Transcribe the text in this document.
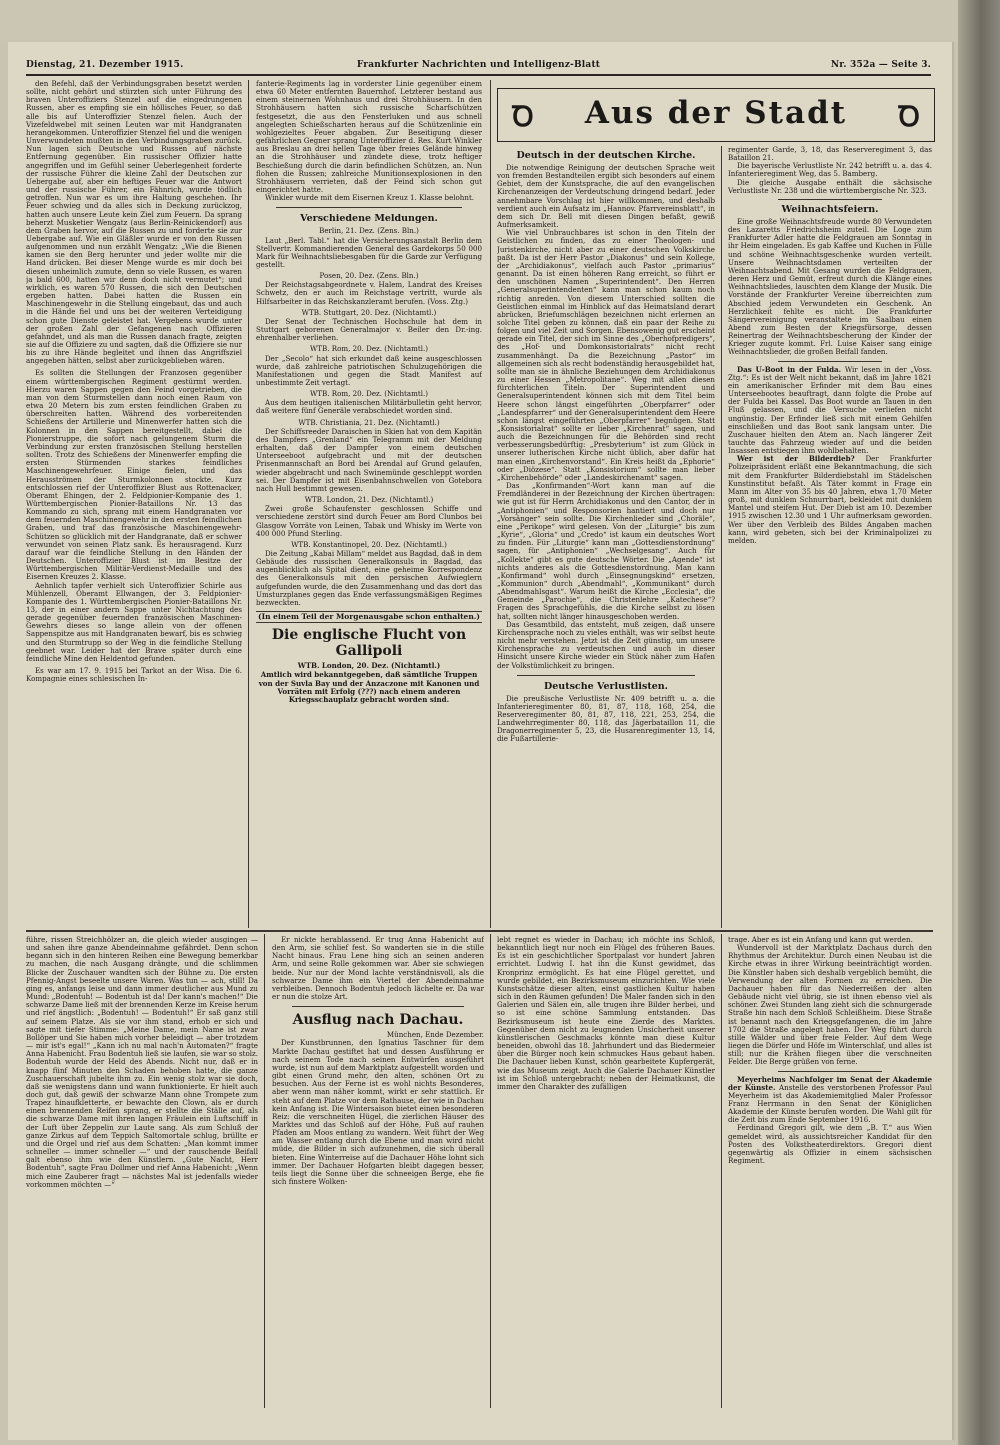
Dienstag, 21. Dezember 1915.	Frankfurter Nachrichten und Intelligenz-Blatt	Nr. 352a — Seite 3.
Ꝺ	Aus der Stadt	Ꝺ

den Befehl, daß der Verbindungsgraben besetzt werden sollte, nicht gehört und stürzten sich unter Führung des braven Unteroffiziers Stenzel auf die eingedrungenen Russen, aber es empfing sie ein höllisches Feuer, so daß alle bis auf Unteroffizier Stenzel fielen. Auch der Vizefeldwebel mit seinen Leuten war mit Handgranaten herangekommen. Unteroffizier Stenzel fiel und die wenigen Unverwundeten mußten in den Verbindungsgraben zurück. Nun lagen sich Deutsche und Russen auf nächste Entfernung gegenüber. Ein russischer Offizier hatte angegriffen und im Gefühl seiner Ueberlegenheit forderte der russische Führer die kleine Zahl der Deutschen zur Uebergabe auf, aber ein heftiges Feuer war die Antwort und der russische Führer, ein Fähnrich, wurde tödlich getroffen. Nun war es um ihre Haltung geschehen. Ihr Feuer schwieg und da alles sich in Deckung zurückzog, hatten auch unsere Leute kein Ziel zum Feuern. Da sprang beherzt Musketier Wengatz (aus Berlin-Reinickendorf) aus dem Graben hervor, auf die Russen zu und forderte sie zur Uebergabe auf. Wie ein Gläßler wurde er von den Russen aufgenommen und nun erzählt Wengatz: „Wie die Bienen kamen sie den Berg herunter und jeder wollte mir die Hand drücken. Bei dieser Menge wurde es mir doch bei diesen unheimlich zumute, denn so viele Russen, es waren ja bald 600, hatten wir denn doch nicht vermutet“; und wirklich, es waren 570 Russen, die sich den Deutschen ergeben hatten. Dabei hatten die Russen ein Maschinengewehr in die Stellung eingebaut, das und auch in die Hände fiel und uns bei der weiteren Verteidigung schon gute Dienste geleistet hat. Vergebens wurde unter der großen Zahl der Gefangenen nach Offizieren gefahndet, und als man die Russen danach fragte, zeigten sie auf die Offiziere zu und sagten, daß die Offiziere sie nur bis zu ihre Hände begleitet und ihnen das Angriffsziel angegeben hätten, selbst aber zurückgeblieben wären.

Es sollten die Stellungen der Franzosen gegenüber einem württembergischen Regiment gestürmt werden. Hierzu waren Sappen gegen den Feind vorgetrieben, die man von dem Sturmstellen dann noch einen Raum von etwa 20 Metern bis zum ersten feindlichen Graben zu überschreiten hatten. Während des vorbereitenden Schießens der Artillerie und Minenwerfer hatten sich die Kolonnen in den Sappen bereitgestellt, dabei die Pionierstruppe, die sofort nach gelungenem Sturm die Verbindung zur ersten französischen Stellung herstellen sollten. Trotz des Schießens der Minenwerfer empfing die ersten Stürmenden starkes feindliches Maschinengewehrfeuer. Einige fielen, und das Herausströmen der Sturmkolonnen stockte. Kurz entschlossen rief der Unteroffizier Blust aus Rottenacker, Oberamt Ehingen, der 2. Feldpionier-Kompanie des 1. Württembergischen Pionier-Bataillons Nr. 13 das Kommando zu sich, sprang mit einem Handgranaten vor dem feuernden Maschinengewehr in den ersten feindlichen Graben, und traf das französische Maschinengewehr-Schützen so glücklich mit der Handgranate, daß er schwer verwundet von seinen Platz sank. Es herausragend. Kurz darauf war die feindliche Stellung in den Händen der Deutschen. Unteroffizier Blust ist im Besitze der Württembergischen Militär-Verdienst-Medaille und des Eisernen Kreuzes 2. Klasse.

Aehnlich tapfer verhielt sich Unteroffizier Schirle aus Mühlenzell, Oberamt Ellwangen, der 3. Feldpionier-Kompanie des 1. Württembergischen Pionier-Bataillons Nr. 13, der in einer andern Sappe unter Nichtachtung des gerade gegenüber feuernden französischen Maschinen-Gewehrs dieses so lange allein von der offenen Sappenspitze aus mit Handgranaten bewarf, bis es schwieg und den Sturmtrupp so der Weg in die feindliche Stellung geebnet war. Leider hat der Brave später durch eine feindliche Mine den Heldentod gefunden.

Es war am 17. 9. 1915 bei Tarkot an der Wisa. Die 6. Kompagnie eines schlesischen In-

fanterie-Regiments lag in vorderster Linie gegenüber einem etwa 60 Meter entfernten Bauernhof. Letzterer bestand aus einem steinernen Wohnhaus und drei Strohhäusern. In den Strohhäusern hatten sich russische Scharfschützen festgesetzt, die aus den Fensterluken und aus schnell angelegten Schießscharten heraus auf die Schützenlinie ein wohlgezieltes Feuer abgaben. Zur Beseitigung dieser gefährlichen Gegner sprang Unteroffizier d. Res. Kurt Winkler aus Breslau an drei hellen Tage über freies Gelände hinweg an die Strohhäuser und zündete diese, trotz heftiger Beschießung durch die darin befindlichen Schützen, an. Nun flohen die Russen; zahlreiche Munitionsexplosionen in den Strohhäusern verrieten, daß der Feind sich schon gut eingerichtet hatte.

Winkler wurde mit dem Eisernen Kreuz 1. Klasse belohnt.

Verschiedene Meldungen.

Berlin, 21. Dez. (Zens. Bln.)

Laut „Berl. Tabl.“ hat die Versicherungsanstalt Berlin dem Stellvertr. Kommandierenden General des Gardekorps 50 000 Mark für Weihnachtsliebesgaben für die Garde zur Verfügung gestellt.

Posen, 20. Dez. (Zens. Bln.)

Der Reichstagsabgeordnete v. Halem, Landrat des Kreises Schwetz, den er auch im Reichstage vertritt, wurde als Hilfsarbeiter in das Reichskanzleramt berufen. (Voss. Ztg.)

WTB. Stuttgart, 20. Dez. (Nichtamtl.)

Der Senat der Technischen Hochschule hat dem in Stuttgart geborenen Generalmajor v. Beiler den Dr.-ing. ehrenhalber verliehen.

WTB. Rom, 20. Dez. (Nichtamtl.)

Der „Secolo“ hat sich erkundet daß keine ausgeschlossen wurde, daß zahlreiche patriotischen Schulzugehörigen die Manifestationen und gegen die Stadt Manifest auf unbestimmte Zeit vertagt.

WTB. Rom, 20. Dez. (Nichtamtl.)

Aus dem heutigen italienischen Militärbulletin geht hervor, daß weitere fünf Generäle verabschiedet worden sind.

WTB. Christiania, 21. Dez. (Nichtamtl.)

Der Schiffsreeder Daraischen in Skien hat von dem Kapitän des Dampfers „Grenland“ ein Telegramm mit der Meldung erhalten, daß der Dampfer von einem deutschen Unterseeboot aufgebracht und mit der deutschen Prisenmannschaft an Bord bei Arendal auf Grund gelaufen, wieder abgebracht und nach Swinemünde geschleppt worden sei. Der Dampfer ist mit Eisenbahnschwellen von Gotebora nach Hull bestimmt gewesen.

WTB. London, 21. Dez. (Nichtamtl.)

Zwei große Schaufenster geschlossen Schiffe und verschiedene zerstört sind durch Feuer am Bord Clunbos bei Glasgow Vorräte von Leinen, Tabak und Whisky im Werte von 400 000 Pfund Sterling.

WTB. Konstantinopel, 20. Dez. (Nichtamtl.)

Die Zeitung „Kabai Millam“ meldet aus Bagdad, daß in dem Gebäude des russischen Generalkonsuls in Bagdad, das augenblicklich als Spital dient, eine geheime Korrespondenz des Generalkonsuls mit den persischen Aufwieglern aufgefunden wurde, die den Zusammenhang und das dort das Umsturzplanes gegen das Ende verfassungsmäßigen Regimes bezweckten.

(In einem Teil der Morgenausgabe schon enthalten.)

Die englische Flucht von Gallipoli

WTB. London, 20. Dez. (Nichtamtl.)

Amtlich wird bekanntgegeben, daß sämtliche Truppen von der Suvla Bay und der Anzaczone mit Kanonen und Vorräten mit Erfolg (???) nach einem anderen Kriegsschauplatz gebracht worden sind.

Deutsch in der deutschen Kirche.

Die notwendige Reinigung der deutschen Sprache weit von fremden Bestandteilen ergibt sich besonders auf einem Gebiet, dem der Kunstsprache, die auf den evangelischen Kirchenanzeigen der Verdeutschung dringend bedarf. Jeder annehmbare Vorschlag ist hier willkommen, und deshalb verdient auch ein Aufsatz im „Hannov. Pfarrvereinsblatt“, in dem sich Dr. Bell mit diesen Dingen befaßt, gewiß Aufmerksamkeit.

Wie viel Unbrauchbares ist schon in den Titeln der Geistlichen zu finden, das zu einer Theologen- und Juristenkirche, nicht aber zu einer deutschen Volkskirche paßt. Da ist der Herr Pastor „Diakonus“ und sein Kollege, der „Archidiakonus“, vielfach auch Pastor „primarius“ genannt. Da ist einen höheren Rang erreicht, so führt er den unschönen Namen „Superintendent“. Den Herren „Generalsuperintendenten“ kann man schon kaum noch richtig anreden. Von diesem Unterschied sollten die Geistlichen einmal im Hinblick auf das Heimatsland derart abrücken, Briefumschlägen bezeichnen nicht erlernen an solche Titel geben zu können, daß ein paar der Reihe zu folgen und viel Zeit und Sorgen. Ebensowenig gut erscheint gerade ein Titel, der sich im Sinne des „Oberhofpredigers“, des „Hof- und Domkonsistorialrats“ nicht recht zusammenhängt. Da die Bezeichnung „Pastor“ im allgemeinen sich als recht bodenständig herausgebildet hat, sollte man sie in ähnliche Beziehungen dem Archidiakonus zu einer Hessen „Metropolitane“. Weg mit allen diesen fürchterlichen Titeln. Der Superintendent und Generalsuperintendent können sich mit dem Titel beim Heere schon längst eingeführten „Oberpfarrer“ oder „Landespfarrer“ und der Generalsuperintendent dem Heere schon längst eingeführten „Oberpfarrer“ begnügen. Statt „Konsistorialrat“ sollte er lieber „Kirchenrat“ sagen, und auch die Bezeichnungen für die Behörden sind recht verbesserungsbedürftig: „Presbyterium“ ist zum Glück in unserer lutherischen Kirche nicht üblich, aber dafür hat man einen „Kirchenvorstand“. Ein Kreis heißt da „Ephorie“ oder „Diözese“. Statt „Konsistorium“ sollte man lieber „Kirchenbehörde“ oder „Landeskirchenamt“ sagen.

Das „Konfirmanden“-Wort kann man auf die Fremdländerei in der Bezeichnung der Kirchen übertragen: wie gut ist für Herrn Archidiakonus und den Cantor, der in „Antiphonien“ und Responsorien hantiert und doch nur „Vorsänger“ sein sollte. Die Kirchenlieder sind „Choräle“, eine „Perikope“ wird gelesen. Von der „Liturgie“ bis zum „Kyrie“, „Gloria“ und „Credo“ ist kaum ein deutsches Wort zu finden. Für „Liturgie“ kann man „Gottesdienstordnung“ sagen, für „Antiphonien“ „Wechselgesang“. Auch für „Kollekte“ gibt es gute deutsche Wörter. Die „Agende“ ist nichts anderes als die Gottesdienstordnung. Man kann „Konfirmand“ wohl durch „Einsegnungskind“ ersetzen, „Kommunion“ durch „Abendmahl“, „Kommunikant“ durch „Abendmahlsgast“. Warum heißt die Kirche „Ecclesia“, die Gemeinde „Parochie“, die Christenlehre „Katechese“? Fragen des Sprachgefühls, die die Kirche selbst zu lösen hat, sollten nicht länger hinausgeschoben werden.

Das Gesamtbild, das entsteht, muß zeigen, daß unsere Kirchensprache noch zu vieles enthält, was wir selbst heute nicht mehr verstehen. Jetzt ist die Zeit günstig, um unsere Kirchensprache zu verdeutschen und auch in dieser Hinsicht unsere Kirche wieder ein Stück näher zum Hafen der Volkstümlichkeit zu bringen.

Deutsche Verlustlisten.

Die preußische Verlustliste Nr. 409 betrifft u. a. die Infanterieregimenter 80, 81, 87, 118, 168, 254, die Reserveregimenter 80, 81, 87, 118, 221, 253, 254, die Landwehrregimenter 80, 118, das Jägerbataillon 11, die Dragonerregimenter 5, 23, die Husarenregimenter 13, 14, die Fußartillerie-

regimenter Garde, 3, 18, das Reserveregiment 3, das Bataillon 21.

Die bayerische Verlustliste Nr. 242 betrifft u. a. das 4. Infanterieregiment Weg, das 5. Bamberg.

Die gleiche Ausgabe enthält die sächsische Verlustliste Nr. 238 und die württembergische Nr. 323.

Weihnachtsfeiern.

Eine große Weihnachtsfreude wurde 80 Verwundeten des Lazaretts Friedrichsheim zuteil. Die Loge zum Frankfurter Adler hatte die Feldgrauen am Sonntag in ihr Heim eingeladen. Es gab Kaffee und Kuchen in Fülle und schöne Weihnachtsgeschenke wurden verteilt. Unsere Weihnachtsdamen verteilten der Weihnachtsabend. Mit Gesang wurden die Feldgrauen, deren Herz und Gemüt, erfreut durch die Klänge eines Weihnachtsliedes, lauschten dem Klange der Musik. Die Vorstände der Frankfurter Vereine überreichten zum Abschied jedem Verwundeten ein Geschenk. An Herzlichkeit fehlte es nicht. Die Frankfurter Sängervereinigung veranstaltete im Saalbau einen Abend zum Besten der Kriegsfürsorge, dessen Reinertrag der Weihnachtsbescherung der Kinder der Krieger zugute kommt. Frl. Luise Kaiser sang einige Weihnachtslieder, die großen Beifall fanden.

Das U-Boot in der Fulda. Wir lesen in der „Voss. Ztg.“: Es ist der Welt nicht bekannt, daß im Jahre 1821 ein amerikanischer Erfinder mit dem Bau eines Unterseebootes beauftragt, dann folgte die Probe auf der Fulda bei Kassel. Das Boot wurde an Tauen in den Fluß gelassen, und die Versuche verliefen nicht ungünstig. Der Erfinder ließ sich mit einem Gehilfen einschließen und das Boot sank langsam unter. Die Zuschauer hielten den Atem an. Nach längerer Zeit tauchte das Fahrzeug wieder auf und die beiden Insassen entstiegen ihm wohlbehalten.

Wer ist der Bilderdieb? Der Frankfurter Polizeipräsident erläßt eine Bekanntmachung, die sich mit dem Frankfurter Bilderdiebstahl im Städelschen Kunstinstitut befaßt. Als Täter kommt in Frage ein Mann im Alter von 35 bis 40 Jahren, etwa 1,70 Meter groß, mit dunklem Schnurrbart, bekleidet mit dunklem Mantel und steifem Hut. Der Dieb ist am 10. Dezember 1915 zwischen 12.30 und 1 Uhr aufmerksam geworden. Wer über den Verbleib des Bildes Angaben machen kann, wird gebeten, sich bei der Kriminalpolizei zu melden.

führe, rissen Streichhölzer an, die gleich wieder ausgingen — und sahen ihre ganze Abendeinnahme gefährdet. Denn schon begann sich in den hinteren Reihen eine Bewegung bemerkbar zu machen, die nach Ausgang drängte, und die schlimmen Blicke der Zuschauer wandten sich der Bühne zu. Die ersten Pfennig-Angst beseelte unsere Waren. Was tun — ach, still! Da ging es, anfangs leise und dann immer deutlicher aus Mund zu Mund: „Bodentuh! — Bodentuh ist da! Der kann's machen!“ Die schwarze Dame ließ mit der brennenden Kerze im Kreise herum und rief ängstlich: „Bodentuh! — Bodentuh!“ Er saß ganz still auf seinem Platze. Als sie vor ihm stand, erhob er sich und sagte mit tiefer Stimme: „Meine Dame, mein Name ist zwar Bollöper und Sie haben mich vorher beleidigt — aber trotzdem — mir ist's egal!“ „Kann ich nu mal nach'n Automaten?“ fragte Anna Habenicht. Frau Bodentuh ließ sie laufen, sie war so stolz. Bodentuh wurde der Held des Abends. Nicht nur, daß er in knapp fünf Minuten den Schaden behoben hatte, die ganze Zuschauerschaft jubelte ihm zu. Ein wenig stolz war sie doch, daß sie wenigstens dann und wann funktionierte. Er hielt auch doch gut, daß gewiß der schwarze Mann ohne Trompete zum Trapez hinaufkletterte, er bewachte den Clown, als er durch einen brennenden Reifen sprang, er stellte die Ställe auf, als die schwarze Dame mit ihren langen Fräulein ein Luftschiff in der Luft über Zeppelin zur Laute sang. Als zum Schluß der ganze Zirkus auf dem Teppich Saltomortale schlug, brüllte er und die Orgel und rief aus dem Schatten: „Man kommt immer schneller — immer schneller —“ und der rauschende Beifall galt ebenso ihm wie den Künstlern. „Gute Nacht, Herr Bodentuh“, sagte Frau Dollmer und rief Anna Habenicht: „Wenn mich eine Zauberer fragt — nächstes Mal ist jedenfalls wieder vorkommen möchten —“

Er nickte herablassend. Er trug Anna Habenicht auf den Arm, sie schlief fest. So wanderten sie in die stille Nacht hinaus. Frau Lene hing sich an seinen anderen Arm, und seine Rolle gekommen war. Aber sie schwiegen beide. Nur nur der Mond lachte verständnisvoll, als die schwarze Dame ihm ein Viertel der Abendeinnahme verbleiben. Dennoch Bodentuh jedoch lächelte er. Da war er nun die stolze Art.

Ausflug nach Dachau.

München, Ende Dezember.

Der Kunstbrunnen, den Ignatius Taschner für dem Markte Dachau gestiftet hat und dessen Ausführung er nach seinem Tode nach seinen Entwürfen ausgeführt wurde, ist nun auf dem Marktplatz aufgestellt worden und gibt einen Grund mehr, den alten, schönen Ort zu besuchen. Aus der Ferne ist es wohl nichts Besonderes, aber wenn man näher kommt, wirkt er sehr stattlich. Er steht auf dem Platze vor dem Rathause, der wie in Dachau kein Anfang ist. Die Wintersaison bietet einen besonderen Reiz: die verschneiten Hügel, die zierlichen Häuser des Marktes und das Schloß auf der Höhe, Fuß auf rauhen Pfaden am Moos entlang zu wandern. Weit führt der Weg am Wasser entlang durch die Ebene und man wird nicht müde, die Bilder in sich aufzunehmen, die sich überall bieten. Eine Winterreise auf die Dachauer Höhe lohnt sich immer. Der Dachauer Hofgarten bleibt dagegen besser, teils liegt die Sonne über die schneeigen Berge, ehe fie sich finstere Wolken-

lebt regnet es wieder in Dachau; ich möchte ins Schloß, bekanntlich liegt nur noch ein Flügel des früheren Baues. Es ist ein geschichtlicher Sportpalast vor hundert Jahren errichtet. Ludwig I. hat ihn die Kunst gewidmet, das Kronprinz ermöglicht. Es hat eine Flügel gerettet, und wurde gebildet, ein Bezirksmuseum einzurichten. Wie viele Kunstschätze dieser alten, einst gastlichen Kultur haben sich in den Räumen gefunden! Die Maler fanden sich in den Galerien und Sälen ein, alle trugen ihre Bilder herbei, und so ist eine schöne Sammlung entstanden. Das Bezirksmuseum ist heute eine Zierde des Marktes. Gegenüber dem nicht zu leugnenden Unsicherheit unserer künstlerischen Geschmacks könnte man diese Kultur beneiden, obwohl das 18. Jahrhundert und das Biedermeier über die Bürger noch kein schmuckes Haus gebaut haben. Die Dachauer lieben Kunst, schön gearbeitete Kupfergerät, wie das Museum zeigt. Auch die Galerie Dachauer Künstler ist im Schloß untergebracht; neben der Heimatkunst, die immer den Charakter des zufälligen

trage. Aber es ist ein Anfang und kann gut werden.

Wundervoll ist der Marktplatz Dachaus durch den Rhythmus der Architektur. Durch einen Neubau ist die Kirche etwas in ihrer Wirkung beeinträchtigt worden. Die Künstler haben sich deshalb vergeblich bemüht, die Verwendung der alten Formen zu erreichen. Die Dachauer haben für das Niederreißen der alten Gebäude nicht viel übrig, sie ist ihnen ebenso viel als schöner. Zwei Stunden lang zieht sich die schnurgerade Straße hin nach dem Schloß Schleißheim. Diese Straße ist benannt nach den Kriegsgefangenen, die im Jahre 1702 die Straße angelegt haben. Der Weg führt durch stille Wälder und über freie Felder. Auf dem Wege liegen die Dörfer und Höfe im Winterschlaf, und alles ist still; nur die Krähen fliegen über die verschneiten Felder. Die Berge grüßen von ferne.

Meyerheims Nachfolger im Senat der Akademie der Künste. Anstelle des verstorbenen Professor Paul Meyerheim ist das Akademiemitglied Maler Professor Franz Herrmann in den Senat der Königlichen Akademie der Künste berufen worden. Die Wahl gilt für die Zeit bis zum Ende September 1916.

Ferdinand Gregori gilt, wie dem „B. T.“ aus Wien gemeldet wird, als aussichtsreicher Kandidat für den Posten des Volkstheaterdirektors. Gregori dient gegenwärtig als Offizier in einem sächsischen Regiment.
